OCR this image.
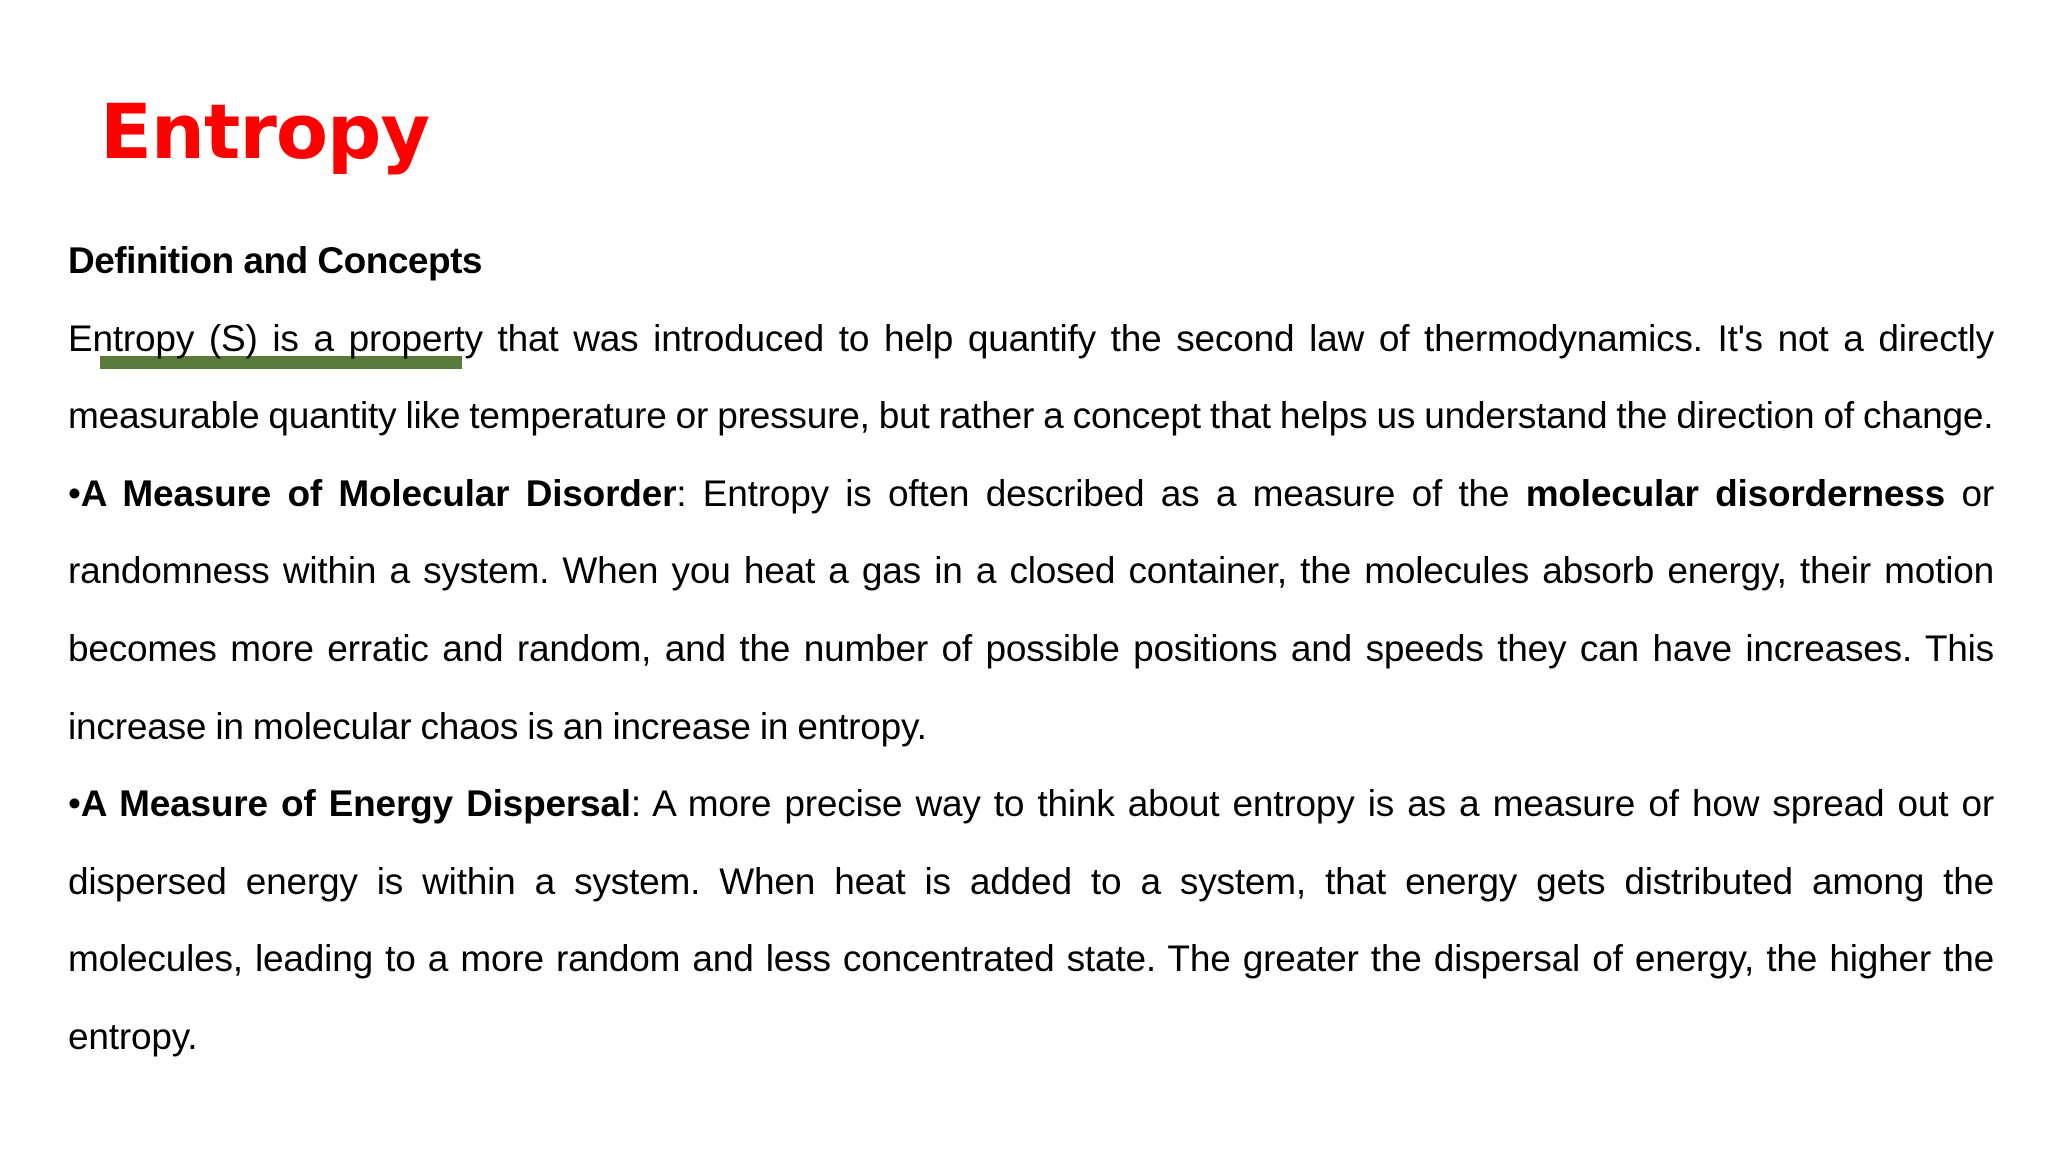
Entropy

Definition and Concepts

Entropy (S) is a property that was introduced to help quantify the second law of thermodynamics. It's not a directly measurable quantity like temperature or pressure, but rather a concept that helps us understand the direction of change.

•A Measure of Molecular Disorder: Entropy is often described as a measure of the molecular disorderness or randomness within a system. When you heat a gas in a closed container, the molecules absorb energy, their motion becomes more erratic and random, and the number of possible positions and speeds they can have increases. This increase in molecular chaos is an increase in entropy.

•A Measure of Energy Dispersal: A more precise way to think about entropy is as a measure of how spread out or dispersed energy is within a system. When heat is added to a system, that energy gets distributed among the molecules, leading to a more random and less concentrated state. The greater the dispersal of energy, the higher the entropy.
